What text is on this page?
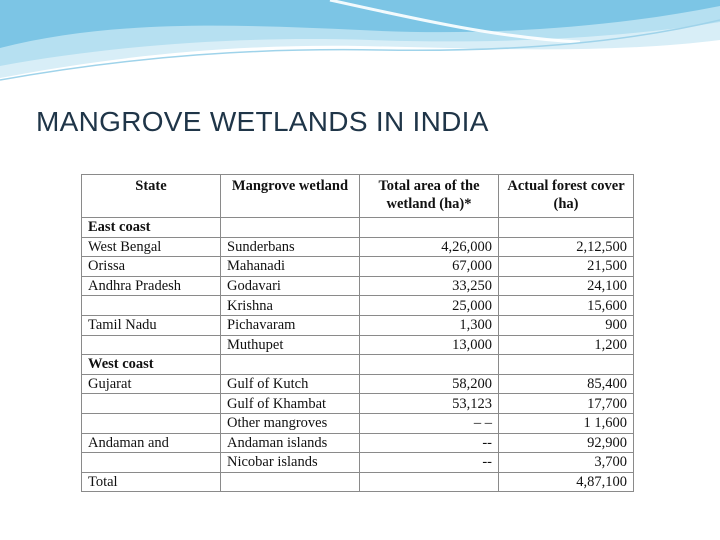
MANGROVE WETLANDS IN INDIA
State	Mangrove wetland	Total area of the wetland (ha)*	Actual forest cover (ha)
East coast			
West Bengal	Sunderbans	4,26,000	2,12,500
Orissa	Mahanadi	67,000	21,500
Andhra Pradesh	Godavari	33,250	24,100
	Krishna	25,000	15,600
Tamil Nadu	Pichavaram	1,300	900
	Muthupet	13,000	1,200
West coast			
Gujarat	Gulf of Kutch	58,200	85,400
	Gulf of Khambat	53,123	17,700
	Other mangroves	– –	1 1,600
Andaman and	Andaman islands	--	92,900
	Nicobar islands	--	3,700
Total			4,87,100
